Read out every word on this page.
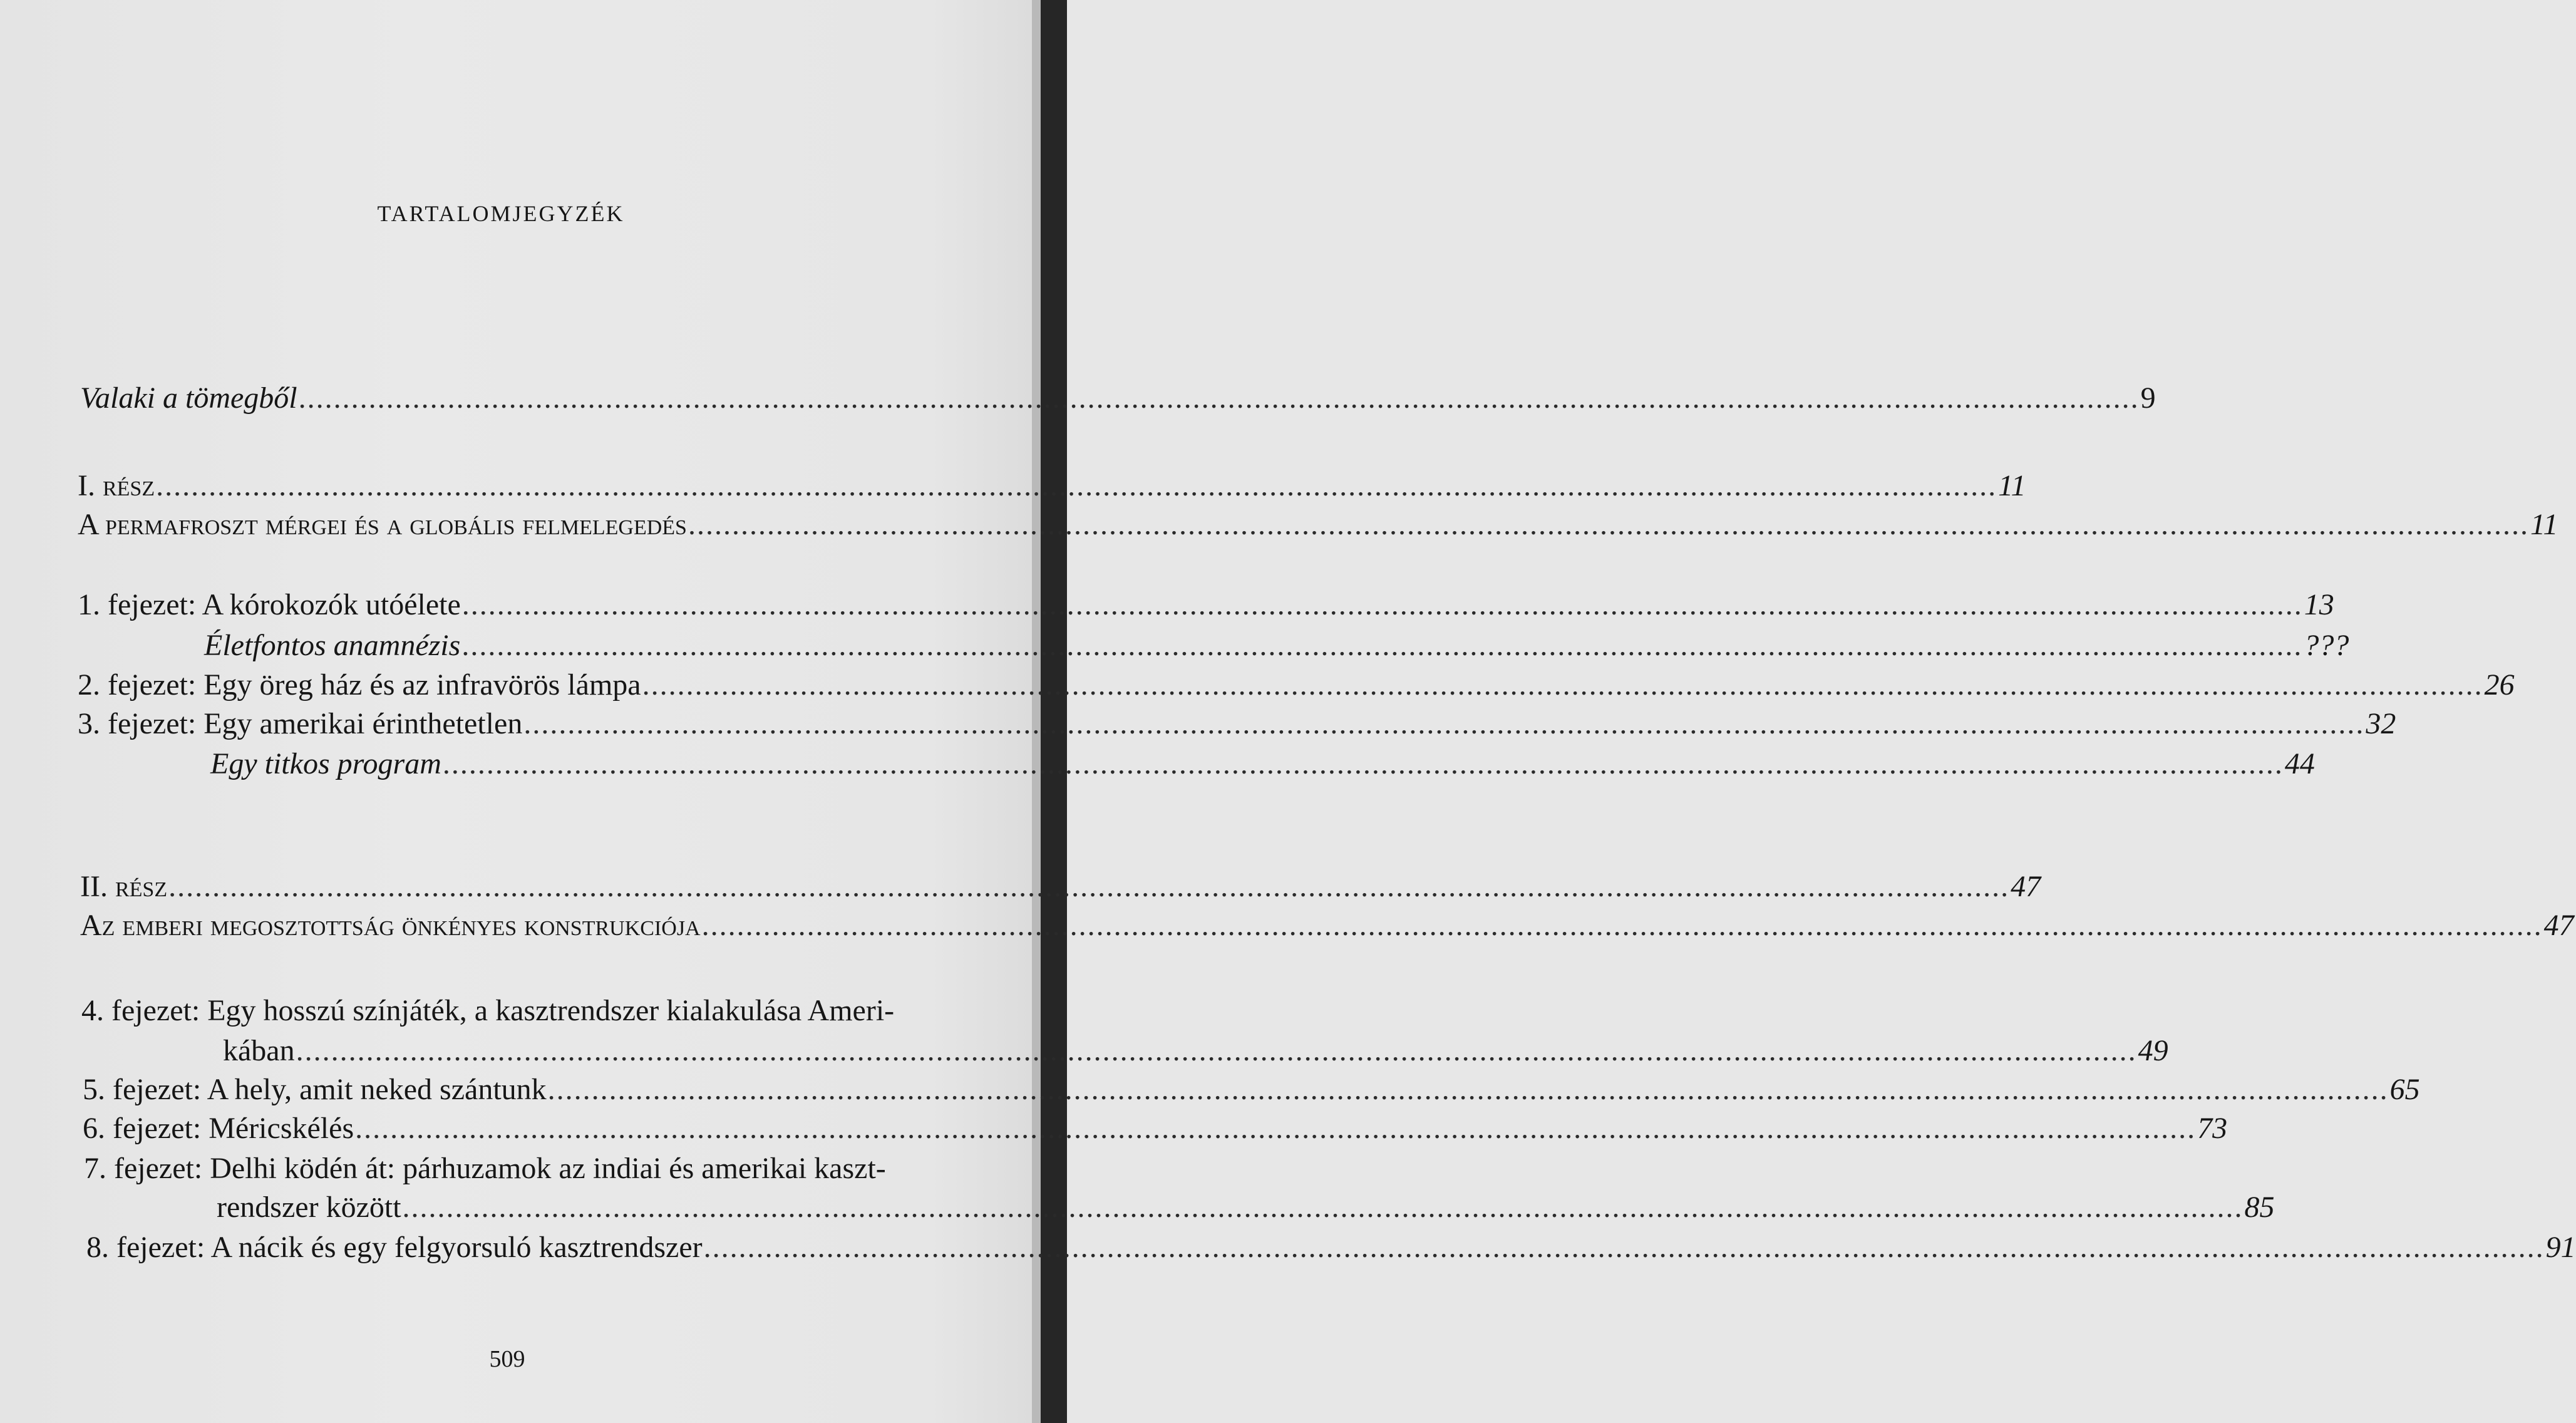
TARTALOMJEGYZÉK
Valaki a tömegből .................................................................................................................................................................................................................. 9
I. rész .................................................................................................................................................................................................................. 11
A permafroszt mérgei és a globális felmelegedés .................................................................................................................................................................................................................. 11
1. fejezet: A kórokozók utóélete .................................................................................................................................................................................................................. 13
Életfontos anamnézis .................................................................................................................................................................................................................. ???
2. fejezet: Egy öreg ház és az infravörös lámpa .................................................................................................................................................................................................................. 26
3. fejezet: Egy amerikai érinthetetlen .................................................................................................................................................................................................................. 32
Egy titkos program .................................................................................................................................................................................................................. 44
II. rész .................................................................................................................................................................................................................. 47
Az emberi megosztottság önkényes konstrukciója .................................................................................................................................................................................................................. 47
4. fejezet: Egy hosszú színjáték, a kasztrendszer kialakulása Ameri-
kában .................................................................................................................................................................................................................. 49
5. fejezet: A hely, amit neked szántunk .................................................................................................................................................................................................................. 65
6. fejezet: Méricskélés .................................................................................................................................................................................................................. 73
7. fejezet: Delhi ködén át: párhuzamok az indiai és amerikai kaszt-
rendszer között .................................................................................................................................................................................................................. 85
8. fejezet: A nácik és egy felgyorsuló kasztrendszer .................................................................................................................................................................................................................. 91
509
